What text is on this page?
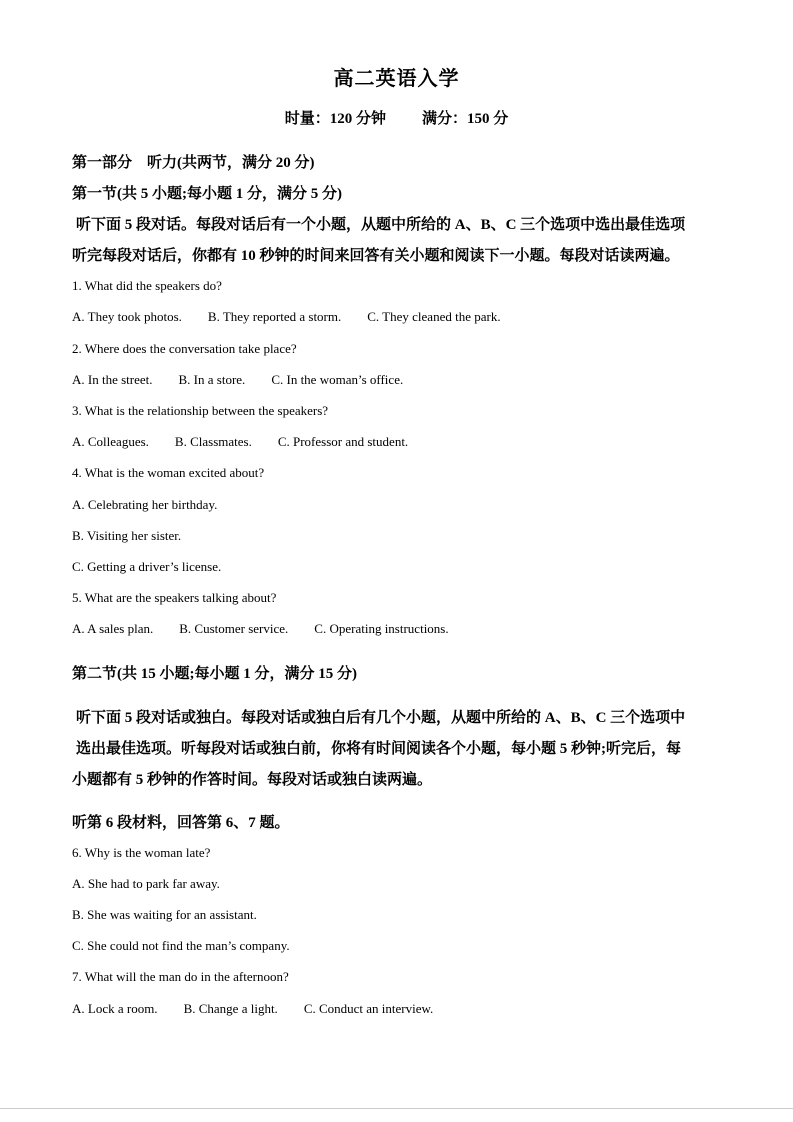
高二英语入学
时量：120 分钟 满分：150 分
第一部分　听力(共两节，满分 20 分)
第一节(共 5 小题;每小题 1 分，满分 5 分)
听下面 5 段对话。每段对话后有一个小题，从题中所给的 A、B、C 三个选项中选出最佳选项
听完每段对话后，你都有 10 秒钟的时间来回答有关小题和阅读下一小题。每段对话读两遍。
1. What did the speakers do?
A. They took photos. B. They reported a storm. C. They cleaned the park.
2. Where does the conversation take place?
A. In the street. B. In a store. C. In the woman’s office.
3. What is the relationship between the speakers?
A. Colleagues. B. Classmates. C. Professor and student.
4. What is the woman excited about?
A. Celebrating her birthday.
B. Visiting her sister.
C. Getting a driver’s license.
5. What are the speakers talking about?
A. A sales plan. B. Customer service. C. Operating instructions.
第二节(共 15 小题;每小题 1 分，满分 15 分)
听下面 5 段对话或独白。每段对话或独白后有几个小题，从题中所给的 A、B、C 三个选项中
选出最佳选项。听每段对话或独白前，你将有时间阅读各个小题，每小题 5 秒钟;听完后，每
小题都有 5 秒钟的作答时间。每段对话或独白读两遍。
听第 6 段材料，回答第 6、7 题。
6. Why is the woman late?
A. She had to park far away.
B. She was waiting for an assistant.
C. She could not find the man’s company.
7. What will the man do in the afternoon?
A. Lock a room. B. Change a light. C. Conduct an interview.
